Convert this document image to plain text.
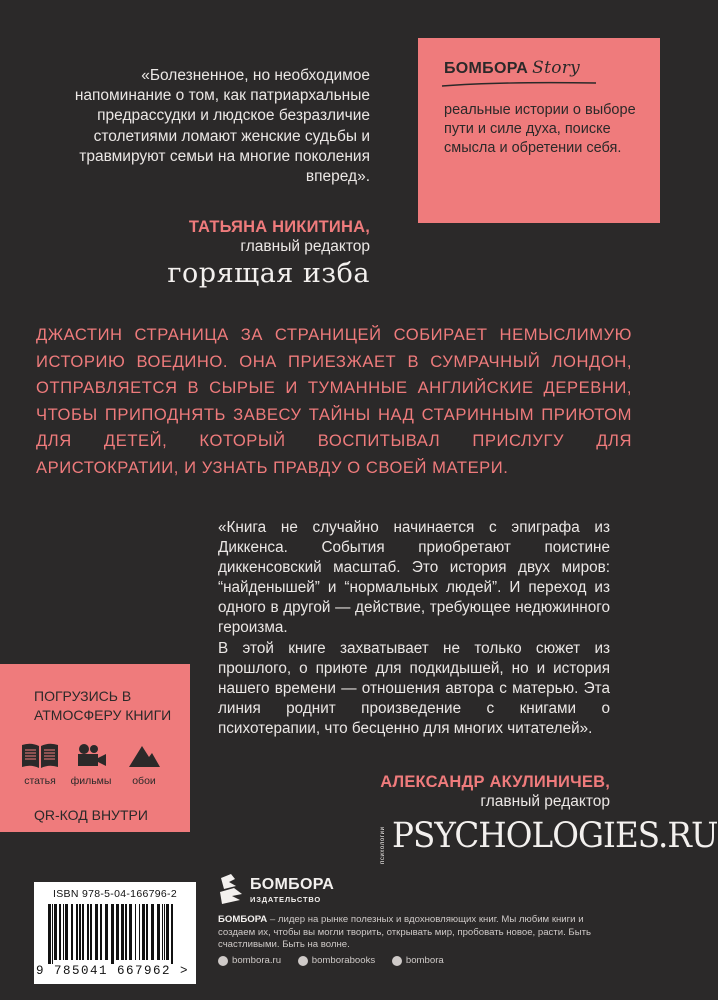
БОМБОРА Story
реальные истории о выборе пути и силе духа, поиске смысла и обретении себя.
«Болезненное, но необходимое напоминание о том, как патриархальные предрассудки и людское безразличие столетиями ломают женские судьбы и травмируют семьи на многие поколения вперед».
ТАТЬЯНА НИКИТИНА,
главный редактор
горящая изба
ДЖАСТИН СТРАНИЦА ЗА СТРАНИЦЕЙ СОБИРАЕТ НЕМЫСЛИМУЮ ИСТОРИЮ ВОЕДИНО. ОНА ПРИЕЗЖАЕТ В СУМРАЧНЫЙ ЛОНДОН, ОТПРАВЛЯЕТСЯ В СЫРЫЕ И ТУМАННЫЕ АНГЛИЙСКИЕ ДЕРЕВНИ, ЧТОБЫ ПРИПОДНЯТЬ ЗАВЕСУ ТАЙНЫ НАД СТАРИННЫМ ПРИЮТОМ ДЛЯ ДЕТЕЙ, КОТОРЫЙ ВОСПИТЫВАЛ ПРИСЛУГУ ДЛЯ АРИСТОКРАТИИ, И УЗНАТЬ ПРАВДУ О СВОЕЙ МАТЕРИ.

«Книга не случайно начинается с эпиграфа из Диккенса. События приобретают поистине диккенсовский масштаб. Это история двух миров: “найденышей” и “нормальных людей”. И переход из одного в другой — действие, требующее недюжинного героизма.

В этой книге захватывает не только сюжет из прошлого, о приюте для подкидышей, но и история нашего времени — отношения автора с матерью. Эта линия роднит произведение с книгами о психотерапии, что бесценно для многих читателей».

АЛЕКСАНДР АКУЛИНИЧЕВ,
главный редактор
психологии PSYCHOLOGIES.RU
ПОГРУЗИСЬ В АТМОСФЕРУ КНИГИ
статья	фильмы	обои
QR-КОД ВНУТРИ
ISBN 978-5-04-166796-2
9 785041 667962 >
БОМБОРА
ИЗДАТЕЛЬСТВО
БОМБОРА – лидер на рынке полезных и вдохновляющих книг. Мы любим книги и создаем их, чтобы вы могли творить, открывать мир, пробовать новое, расти. Быть счастливыми. Быть на волне.
bombora.ru
	bomborabooks
	bombora
